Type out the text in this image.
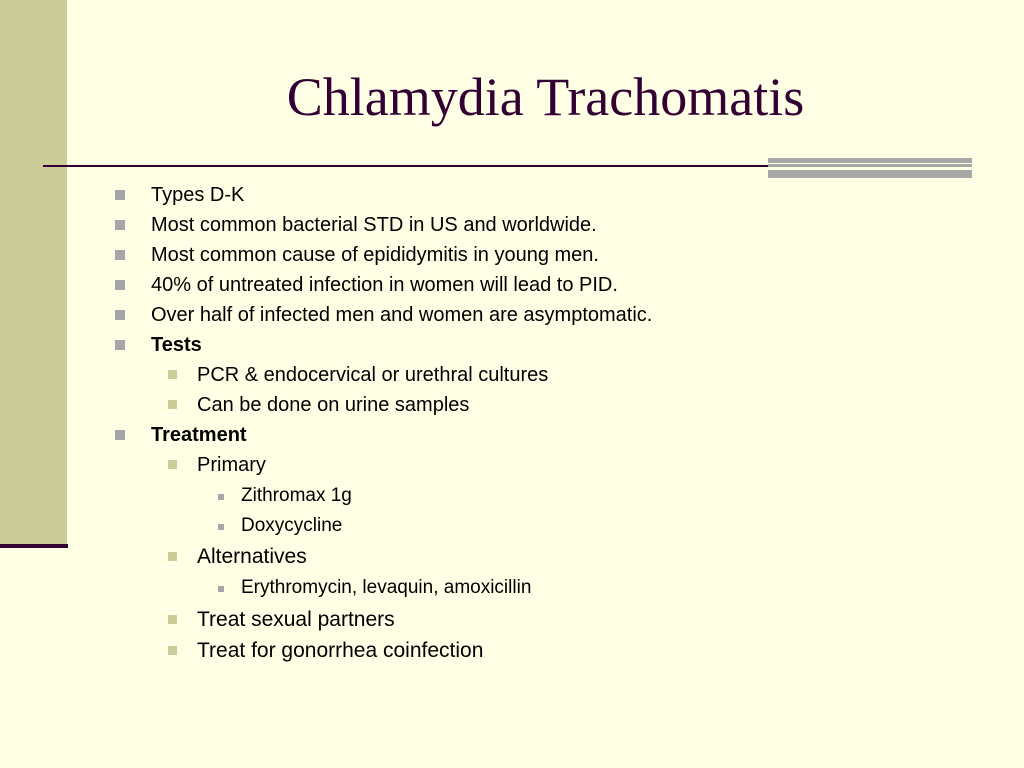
Chlamydia Trachomatis
Types D-K
Most common bacterial STD in US and worldwide.
Most common cause of epididymitis in young men.
40% of untreated infection in women will lead to PID.
Over half of infected men and women are asymptomatic.
Tests
PCR & endocervical or urethral cultures
Can be done on urine samples
Treatment
Primary
Zithromax 1g
Doxycycline
Alternatives
Erythromycin, levaquin, amoxicillin
Treat sexual partners
Treat for gonorrhea coinfection
